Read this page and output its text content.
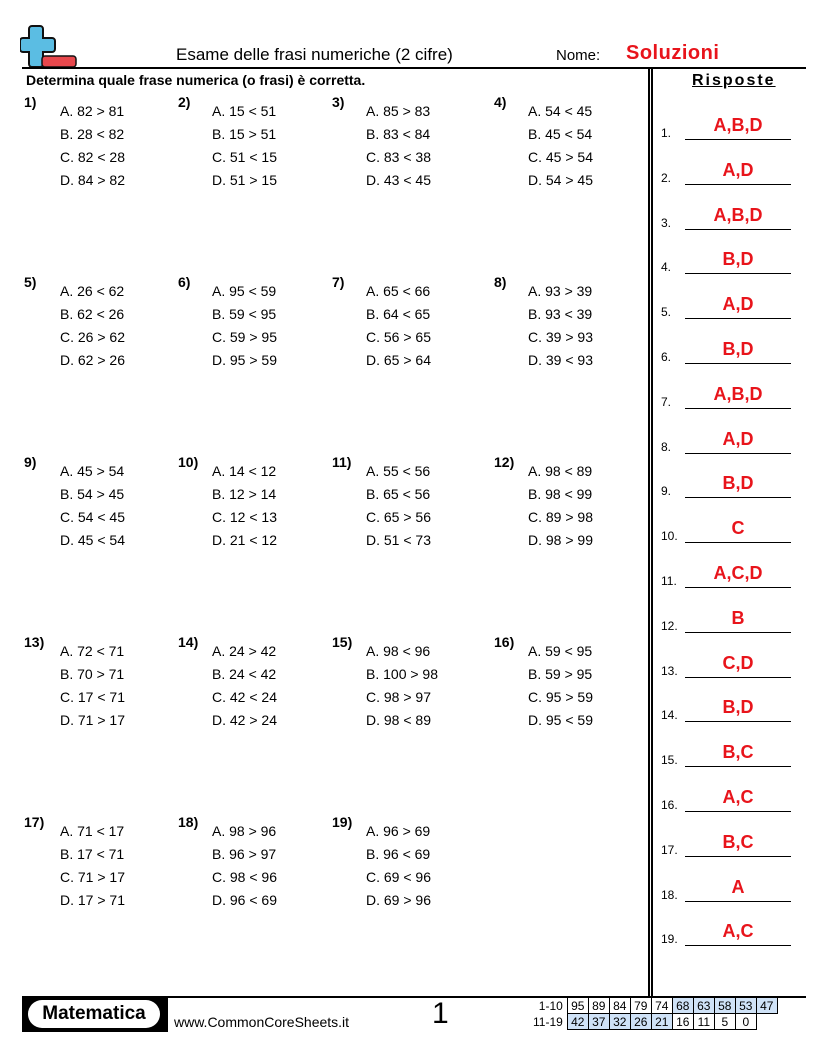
Esame delle frasi numeriche (2 cifre)	Nome: Soluzioni
Determina quale frase numerica (o frasi) è corretta.	Risposte
1)
A. 82 > 81
B. 28 < 82
C. 82 < 28
D. 84 > 82
2)
A. 15 < 51
B. 15 > 51
C. 51 < 15
D. 51 > 15
3)
A. 85 > 83
B. 83 < 84
C. 83 < 38
D. 43 < 45
4)
A. 54 < 45
B. 45 < 54
C. 45 > 54
D. 54 > 45
5)
A. 26 < 62
B. 62 < 26
C. 26 > 62
D. 62 > 26
6)
A. 95 < 59
B. 59 < 95
C. 59 > 95
D. 95 > 59
7)
A. 65 < 66
B. 64 < 65
C. 56 > 65
D. 65 > 64
8)
A. 93 > 39
B. 93 < 39
C. 39 > 93
D. 39 < 93
9)
A. 45 > 54
B. 54 > 45
C. 54 < 45
D. 45 < 54
10)
A. 14 < 12
B. 12 > 14
C. 12 < 13
D. 21 < 12
11)
A. 55 < 56
B. 65 < 56
C. 65 > 56
D. 51 < 73
12)
A. 98 < 89
B. 98 < 99
C. 89 > 98
D. 98 > 99
13)
A. 72 < 71
B. 70 > 71
C. 17 < 71
D. 71 > 17
14)
A. 24 > 42
B. 24 < 42
C. 42 < 24
D. 42 > 24
15)
A. 98 < 96
B. 100 > 98
C. 98 > 97
D. 98 < 89
16)
A. 59 < 95
B. 59 > 95
C. 95 > 59
D. 95 < 59
17)
A. 71 < 17
B. 17 < 71
C. 71 > 17
D. 17 > 71
18)
A. 98 > 96
B. 96 > 97
C. 98 < 96
D. 96 < 69
19)
A. 96 > 69
B. 96 < 69
C. 69 < 96
D. 69 > 96
1.	A,B,D
2.	A,D
3.	A,B,D
4.	B,D
5.	A,D
6.	B,D
7.	A,B,D
8.	A,D
9.	B,D
10.	C
11.	A,C,D
12.	B
13.	C,D
14.	B,D
15.	B,C
16.	A,C
17.	B,C
18.	A
19.	A,C
Matematica	www.CommonCoreSheets.it	1	1-10	95	89	84	79	74	68	63	58	53	47
11-19	42	37	32	26	21	16	11	5	0	
